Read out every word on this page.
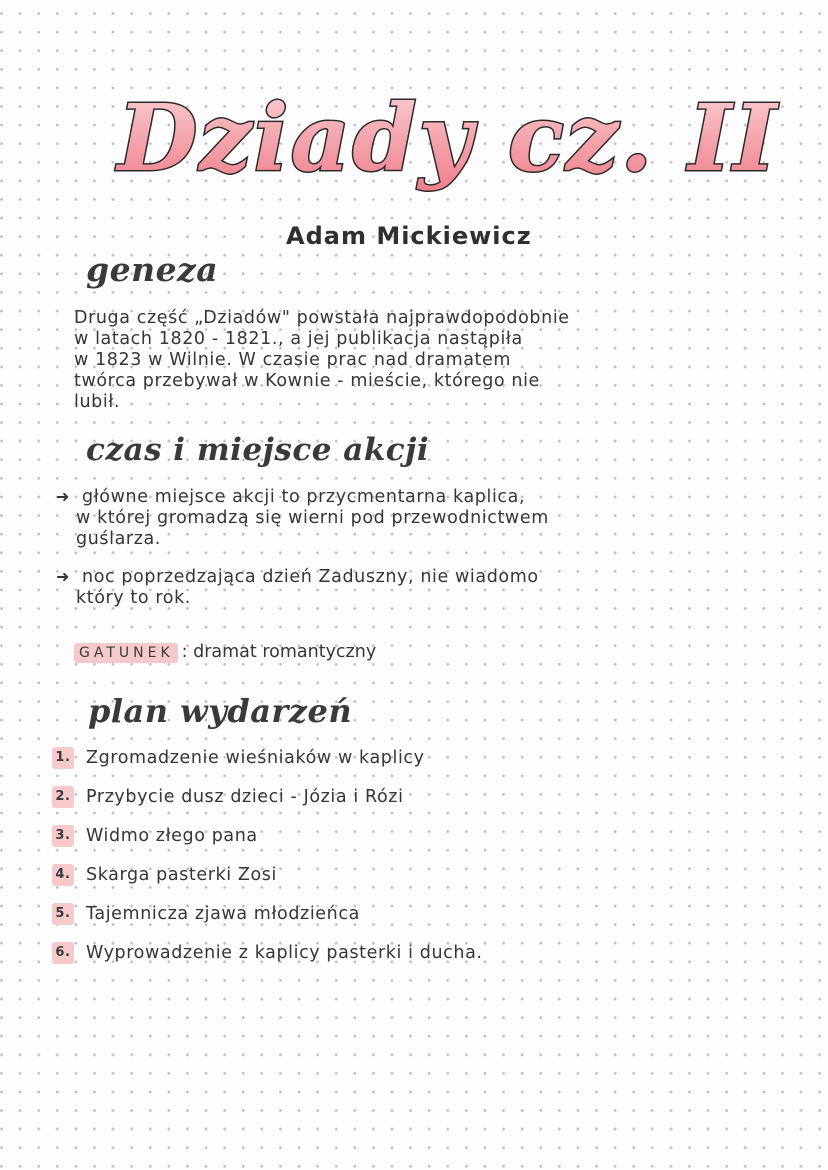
Dziady cz. II
Adam Mickiewicz
geneza
Druga część „Dziadów" powstała najprawdopodobnie
w latach 1820 - 1821., a jej publikacja nastąpiła
w 1823 w Wilnie. W czasie prac nad dramatem
twórca przebywał w Kownie - mieście, którego nie
lubił.
czas i miejsce akcji
➜ główne miejsce akcji to przycmentarna kaplica,
w której gromadzą się wierni pod przewodnictwem
guślarza.
➜ noc poprzedzająca dzień Zaduszny, nie wiadomo
który to rok.
GATUNEK : dramat romantyczny
plan wydarzeń
1. Zgromadzenie wieśniaków w kaplicy
2. Przybycie dusz dzieci - Józia i Rózi
3. Widmo złego pana
4. Skarga pasterki Zosi
5. Tajemnicza zjawa młodzieńca
6. Wyprowadzenie z kaplicy pasterki i ducha.
